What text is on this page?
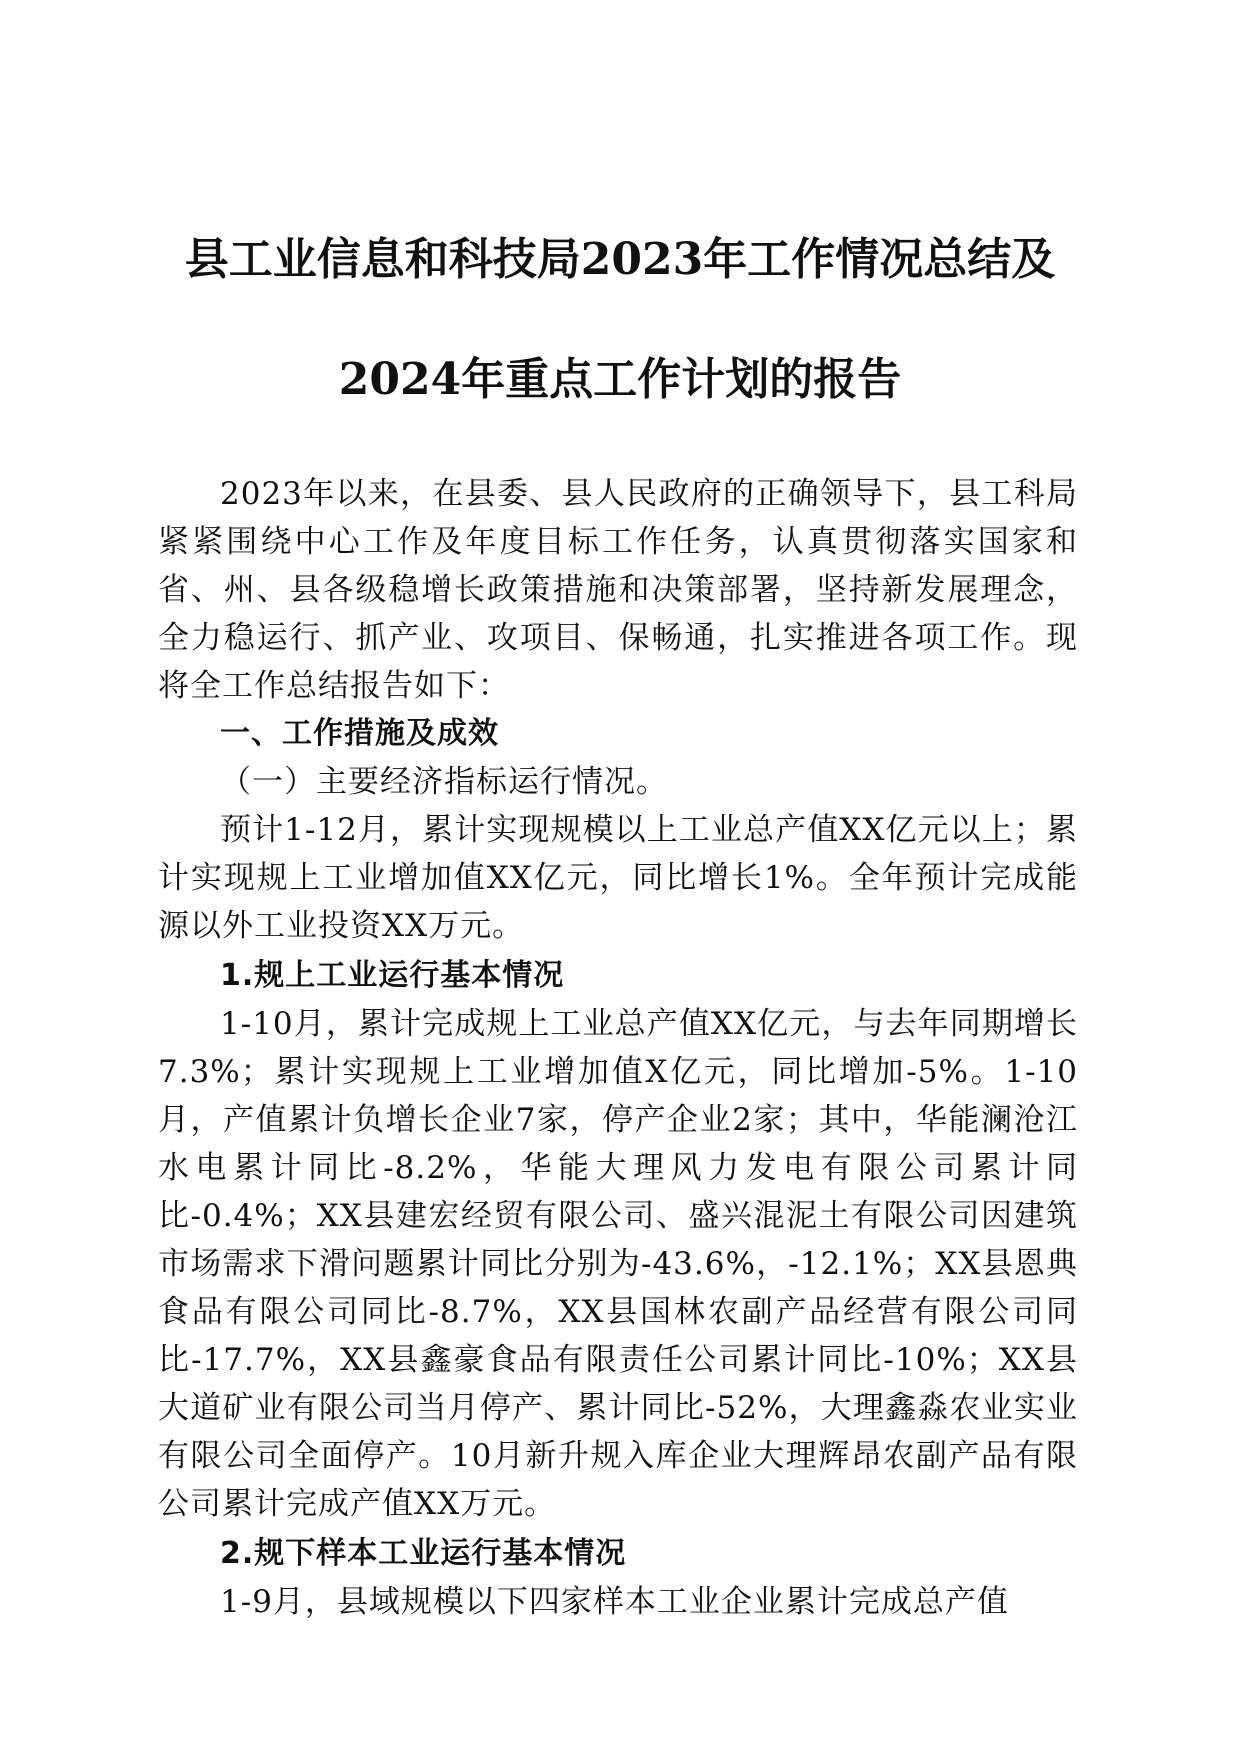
县工业信息和科技局2023年工作情况总结及
2024年重点工作计划的报告

2023年以来，在县委、县人民政府的正确领导下，县工科局紧紧围绕中心工作及年度目标工作任务，认真贯彻落实国家和省、州、县各级稳增长政策措施和决策部署，坚持新发展理念，全力稳运行、抓产业、攻项目、保畅通，扎实推进各项工作。现将全工作总结报告如下：

一、工作措施及成效

（一）主要经济指标运行情况。

预计1-12月，累计实现规模以上工业总产值XX亿元以上；累计实现规上工业增加值XX亿元，同比增长1%。全年预计完成能源以外工业投资XX万元。

1.规上工业运行基本情况

1-10月，累计完成规上工业总产值XX亿元，与去年同期增长7.3%；累计实现规上工业增加值X亿元，同比增加-5%。1-10月，产值累计负增长企业7家，停产企业2家；其中，华能澜沧江水电累计同比-8.2%，华能大理风力发电有限公司累计同比-0.4%；XX县建宏经贸有限公司、盛兴混泥土有限公司因建筑市场需求下滑问题累计同比分别为-43.6%，-12.1%；XX县恩典食品有限公司同比-8.7%，XX县国林农副产品经营有限公司同比-17.7%，XX县鑫豪食品有限责任公司累计同比-10%；XX县大道矿业有限公司当月停产、累计同比-52%，大理鑫淼农业实业有限公司全面停产。10月新升规入库企业大理辉昂农副产品有限公司累计完成产值XX万元。

2.规下样本工业运行基本情况

1-9月，县域规模以下四家样本工业企业累计完成总产值
